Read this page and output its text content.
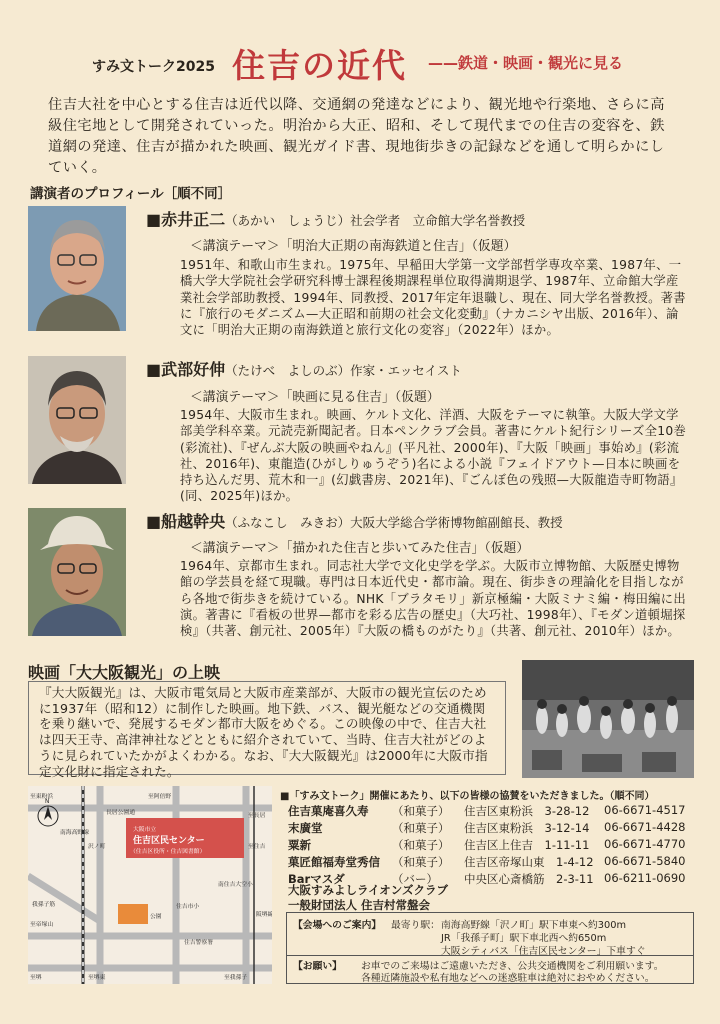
すみ文トーク2025 住吉の近代 ——鉄道・映画・観光に見る
住吉大社を中心とする住吉は近代以降、交通網の発達などにより、観光地や行楽地、さらに高級住宅地として開発されていった。明治から大正、昭和、そして現代までの住吉の変容を、鉄道網の発達、住吉が描かれた映画、観光ガイド書、現地街歩きの記録などを通して明らかにしていく。
講演者のプロフィール［順不同］
■赤井正二（あかい　しょうじ）社会学者　立命館大学名誉教授
＜講演テーマ＞「明治大正期の南海鉄道と住吉」（仮題）
1951年、和歌山市生まれ。1975年、早稲田大学第一文学部哲学専攻卒業、1987年、一橋大学大学院社会学研究科博士課程後期課程単位取得満期退学、1987年、立命館大学産業社会学部助教授、1994年、同教授、2017年定年退職し、現在、同大学名誉教授。著書に『旅行のモダニズム—大正昭和前期の社会文化変動』（ナカニシヤ出版、2016年）、論文に「明治大正期の南海鉄道と旅行文化の変容」（2022年）ほか。
■武部好伸（たけべ　よしのぶ）作家・エッセイスト
＜講演テーマ＞「映画に見る住吉」（仮題）
1954年、大阪市生まれ。映画、ケルト文化、洋酒、大阪をテーマに執筆。大阪大学文学部美学科卒業。元読売新聞記者。日本ペンクラブ会員。著書にケルト紀行シリーズ全10巻(彩流社)、『ぜんぶ大阪の映画やねん』(平凡社、2000年)、『大阪「映画」事始め』(彩流社、2016年)、東龍造(ひがしりゅうぞう)名による小説『フェイドアウト—日本に映画を持ち込んだ男、荒木和一』(幻戯書房、2021年)、『ごんぼ色の残照—大阪龍造寺町物語』(同、2025年)ほか。
■船越幹央（ふなこし　みきお）大阪大学総合学術博物館副館長、教授
＜講演テーマ＞「描かれた住吉と歩いてみた住吉」（仮題）
1964年、京都市生まれ。同志社大学で文化史学を学ぶ。大阪市立博物館、大阪歴史博物館の学芸員を経て現職。専門は日本近代史・都市論。現在、街歩きの理論化を目指しながら各地で街歩きを続けている。NHK「ブラタモリ」新京極編・大阪ミナミ編・梅田編に出演。著書に『看板の世界—都市を彩る広告の歴史』（大巧社、1998年）、『モダン道頓堀探検』（共著、創元社、2005年）『大阪の橋ものがたり』（共著、創元社、2010年）ほか。
映画「大大阪観光」の上映
『大大阪観光』は、大阪市電気局と大阪市産業部が、大阪市の観光宣伝のために1937年（昭和12）に制作した映画。地下鉄、バス、観光艇などの交通機関を乗り継いで、発展するモダン都市大阪をめぐる。この映像の中で、住吉大社は四天王寺、高津神社などとともに紹介されていて、当時、住吉大社がどのように見られていたかがよくわかる。なお、『大大阪観光』は2000年に大阪市指定文化財に指定された。
N
大阪市立
住吉区民センター
（住吉区役所・住吉図書館）
至東粉浜	至阿倍野
長居公園通	至長居
南海高野線
沢ノ町	至住吉
南住吉大空小
至堺
公園
住吉警察署
至我孫子
至堺東
我孫子筋	住吉市小
阪堺線
至帝塚山
■「すみ文トーク」開催にあたり、以下の皆様の協賛をいただきました。（順不同）
住吉菓庵喜久寿 （和菓子） 住吉区東粉浜　3-28-12 06-6671-4517
末廣堂	（和菓子） 住吉区東粉浜　3-12-14 06-6671-4428
粟新	（和菓子） 住吉区上住吉　1-11-11 06-6671-4770
菓匠館福寿堂秀信 （和菓子） 住吉区帝塚山東　1-4-12 06-6671-5840
Barマスダ	（バー） 中央区心斎橋筋　2-3-11 06-6211-0690
大阪すみよしライオンズクラブ
一般財団法人 住吉村常盤会
【会場へのご案内】 最寄り駅： 南海高野線「沢ノ町」駅下車東へ約300m
JR「我孫子町」駅下車北西へ約650m
大阪シティバス「住吉区民センター」下車すぐ
【お願い】 お車でのご来場はご遠慮いただき、公共交通機関をご利用願います。
各種近隣施設や私有地などへの迷惑駐車は絶対におやめください。
